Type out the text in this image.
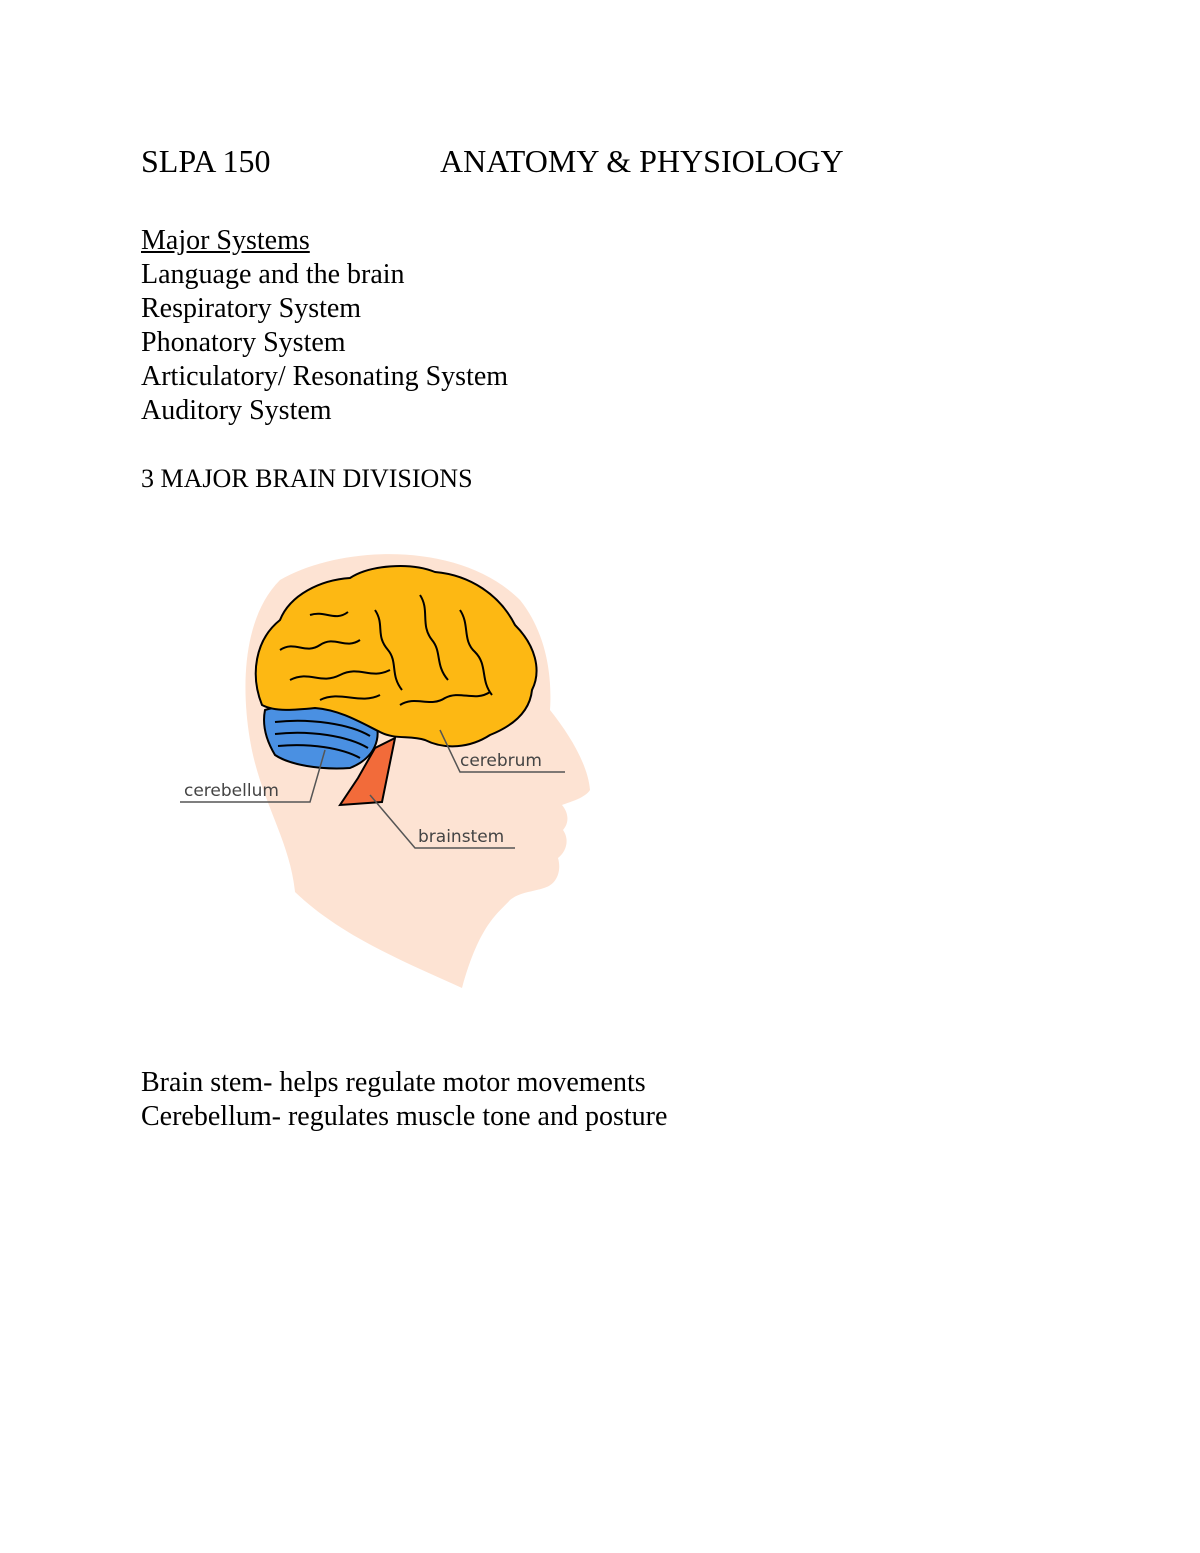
SLPA 150	ANATOMY & PHYSIOLOGY
Major Systems
Language and the brain
Respiratory System
Phonatory System
Articulatory/ Resonating System
Auditory System
3 MAJOR BRAIN DIVISIONS
cerebrum
cerebellum
brainstem
Brain stem- helps regulate motor movements
Cerebellum- regulates muscle tone and posture
